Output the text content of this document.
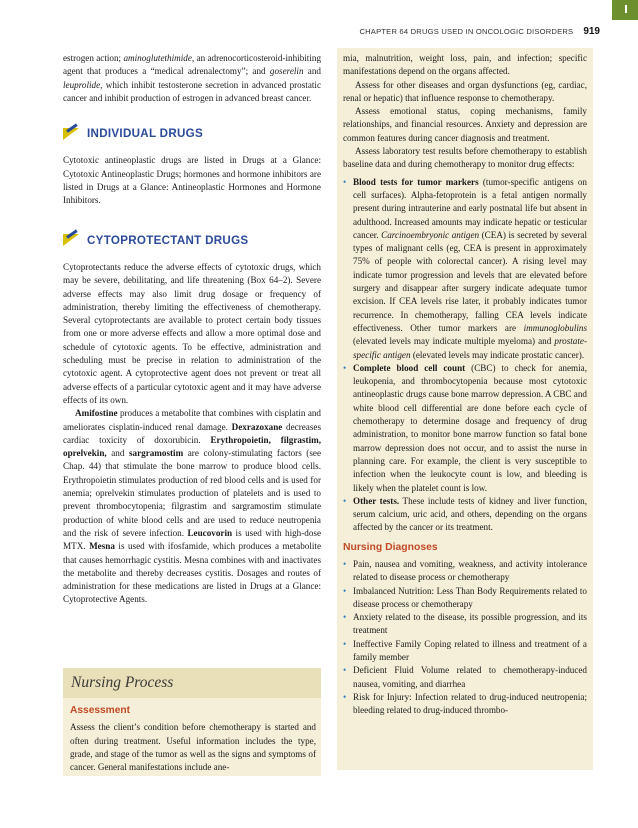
CHAPTER 64 DRUGS USED IN ONCOLOGIC DISORDERS 919

estrogen action; aminoglutethimide, an adrenocorticosteroid-inhibiting agent that produces a “medical adrenalectomy”; and goserelin and leuprolide, which inhibit testosterone secretion in advanced prostatic cancer and inhibit production of estrogen in advanced breast cancer.

INDIVIDUAL DRUGS

Cytotoxic antineoplastic drugs are listed in Drugs at a Glance: Cytotoxic Antineoplastic Drugs; hormones and hormone inhibitors are listed in Drugs at a Glance: Antineoplastic Hormones and Hormone Inhibitors.

CYTOPROTECTANT DRUGS

Cytoprotectants reduce the adverse effects of cytotoxic drugs, which may be severe, debilitating, and life threatening (Box 64–2). Severe adverse effects may also limit drug dosage or frequency of administration, thereby limiting the effectiveness of chemotherapy. Several cytoprotectants are available to protect certain body tissues from one or more adverse effects and allow a more optimal dose and schedule of cytotoxic agents. To be effective, administration and scheduling must be precise in relation to administration of the cytotoxic agent. A cytoprotective agent does not prevent or treat all adverse effects of a particular cytotoxic agent and it may have adverse effects of its own.

Amifostine produces a metabolite that combines with cisplatin and ameliorates cisplatin-induced renal damage. Dexrazoxane decreases cardiac toxicity of doxorubicin. Erythropoietin, filgrastim, oprelvekin, and sargramostim are colony-stimulating factors (see Chap. 44) that stimulate the bone marrow to produce blood cells. Erythropoietin stimulates production of red blood cells and is used for anemia; oprelvekin stimulates production of platelets and is used to prevent thrombocytopenia; filgrastim and sargramostim stimulate production of white blood cells and are used to reduce neutropenia and the risk of severe infection. Leucovorin is used with high-dose MTX. Mesna is used with ifosfamide, which produces a metabolite that causes hemorrhagic cystitis. Mesna combines with and inactivates the metabolite and thereby decreases cystitis. Dosages and routes of administration for these medications are listed in Drugs at a Glance: Cytoprotective Agents.

Nursing Process
Assessment

Assess the client’s condition before chemotherapy is started and often during treatment. Useful information includes the type, grade, and stage of the tumor as well as the signs and symptoms of cancer. General manifestations include ane-

mia, malnutrition, weight loss, pain, and infection; specific manifestations depend on the organs affected.

Assess for other diseases and organ dysfunctions (eg, cardiac, renal or hepatic) that influence response to chemotherapy.

Assess emotional status, coping mechanisms, family relationships, and financial resources. Anxiety and depression are common features during cancer diagnosis and treatment.

Assess laboratory test results before chemotherapy to establish baseline data and during chemotherapy to monitor drug effects:

• Blood tests for tumor markers (tumor-specific antigens on cell surfaces). Alpha-fetoprotein is a fetal antigen normally present during intrauterine and early postnatal life but absent in adulthood. Increased amounts may indicate hepatic or testicular cancer. Carcinoembryonic antigen (CEA) is secreted by several types of malignant cells (eg, CEA is present in approximately 75% of people with colorectal cancer). A rising level may indicate tumor progression and levels that are elevated before surgery and disappear after surgery indicate adequate tumor excision. If CEA levels rise later, it probably indicates tumor recurrence. In chemotherapy, falling CEA levels indicate effectiveness. Other tumor markers are immunoglobulins (elevated levels may indicate multiple myeloma) and prostate-specific antigen (elevated levels may indicate prostatic cancer).
• Complete blood cell count (CBC) to check for anemia, leukopenia, and thrombocytopenia because most cytotoxic antineoplastic drugs cause bone marrow depression. A CBC and white blood cell differential are done before each cycle of chemotherapy to determine dosage and frequency of drug administration, to monitor bone marrow function so fatal bone marrow depression does not occur, and to assist the nurse in planning care. For example, the client is very susceptible to infection when the leukocyte count is low, and bleeding is likely when the platelet count is low.
• Other tests. These include tests of kidney and liver function, serum calcium, uric acid, and others, depending on the organs affected by the cancer or its treatment.
Nursing Diagnoses
• Pain, nausea and vomiting, weakness, and activity intolerance related to disease process or chemotherapy
• Imbalanced Nutrition: Less Than Body Requirements related to disease process or chemotherapy
• Anxiety related to the disease, its possible progression, and its treatment
• Ineffective Family Coping related to illness and treatment of a family member
• Deficient Fluid Volume related to chemotherapy-induced nausea, vomiting, and diarrhea
• Risk for Injury: Infection related to drug-induced neutropenia; bleeding related to drug-induced thrombo-
